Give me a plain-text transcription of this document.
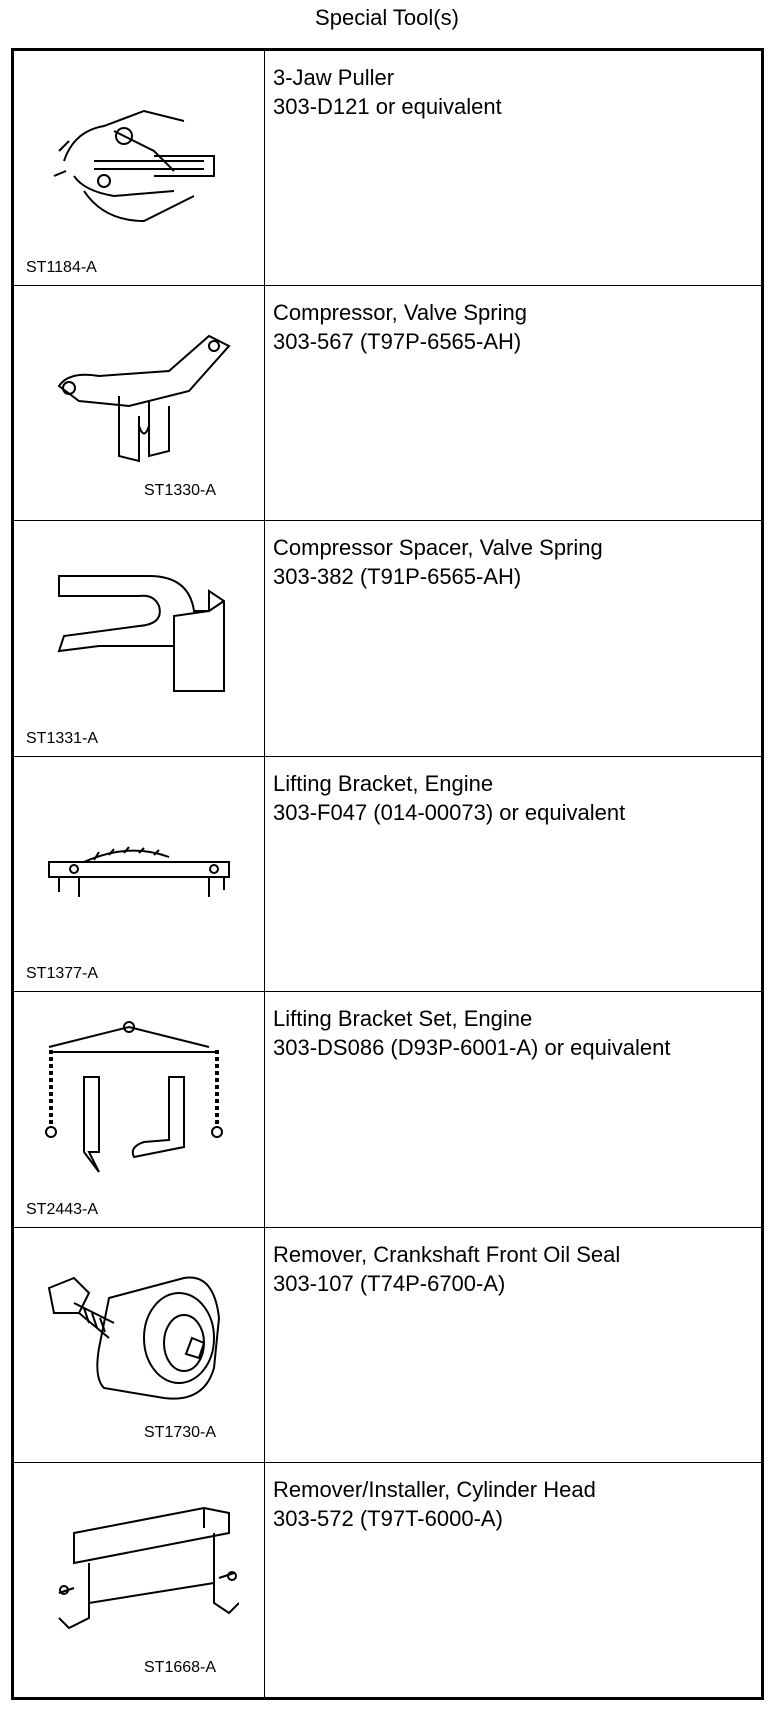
Special Tool(s)
ST1184-A	3-Jaw Puller
303-D121 or equivalent

ST1330-A	Compressor, Valve Spring
303-567 (T97P-6565-AH)

ST1331-A	Compressor Spacer, Valve Spring
303-382 (T91P-6565-AH)

ST1377-A	Lifting Bracket, Engine
303-F047 (014-00073) or equivalent

ST2443-A	Lifting Bracket Set, Engine
303-DS086 (D93P-6001-A) or equivalent

ST1730-A	Remover, Crankshaft Front Oil Seal
303-107 (T74P-6700-A)

ST1668-A	Remover/Installer, Cylinder Head
303-572 (T97T-6000-A)
